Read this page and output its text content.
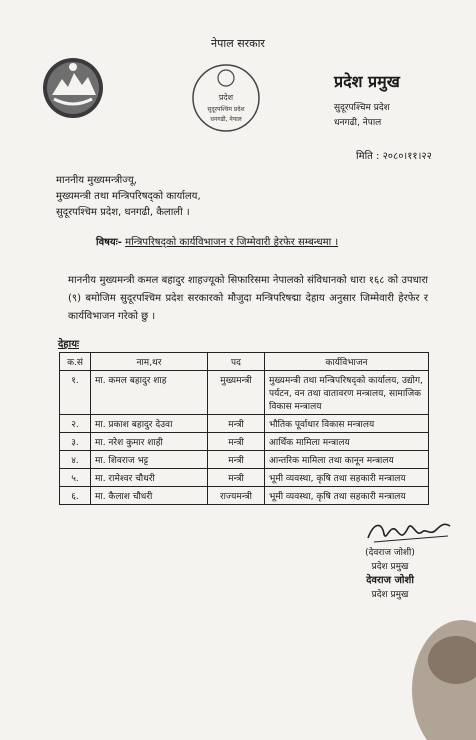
नेपाल सरकार
प्रदेश
सुदूरपश्चिम प्रदेश
धनगढी, नेपाल
प्रदेश प्रमुख
सुदूरपश्चिम प्रदेश
धनगढी, नेपाल
मिति : २०८०।११।२२
माननीय मुख्यमन्त्रीज्यू,
मुख्यमन्त्री तथा मन्त्रिपरिषद्को कार्यालय,
सुदूरपश्चिम प्रदेश, धनगढी, कैलाली ।
विषयः- मन्त्रिपरिषद्को कार्यविभाजन र जिम्मेवारी हेरफेर सम्बन्धमा ।
माननीय मुख्यमन्त्री कमल बहादुर शाहज्यूको सिफारिसमा नेपालको संविधानको धारा १६८ को उपधारा (९) बमोजिम सुदूरपश्चिम प्रदेश सरकारको मौजुदा मन्त्रिपरिषद्मा देहाय अनुसार जिम्मेवारी हेरफेर र कार्यविभाजन गरेको छु ।
देहायः
क.सं	नाम,थर	पद	कार्यविभाजन
१.	मा. कमल बहादुर शाह	मुख्यमन्त्री	मुख्यमन्त्री तथा मन्त्रिपरिषद्को कार्यालय, उद्योग, पर्यटन, वन तथा वातावरण मन्त्रालय, सामाजिक विकास मन्त्रालय
२.	मा. प्रकाश बहादुर देउवा	मन्त्री	भौतिक पूर्वाधार विकास मन्त्रालय
३.	मा. नरेश कुमार शाही	मन्त्री	आर्थिक मामिला मन्त्रालय
४.	मा. शिवराज भट्ट	मन्त्री	आन्तरिक मामिला तथा कानून मन्त्रालय
५.	मा. रामेश्वर चौधरी	मन्त्री	भूमी व्यवस्था, कृषि तथा सहकारी मन्त्रालय
६.	मा. कैलाश चौधरी	राज्यमन्त्री	भूमी व्यवस्था, कृषि तथा सहकारी मन्त्रालय
(देवराज जोशी)
प्रदेश प्रमुख
देवराज जोशी
प्रदेश प्रमुख
